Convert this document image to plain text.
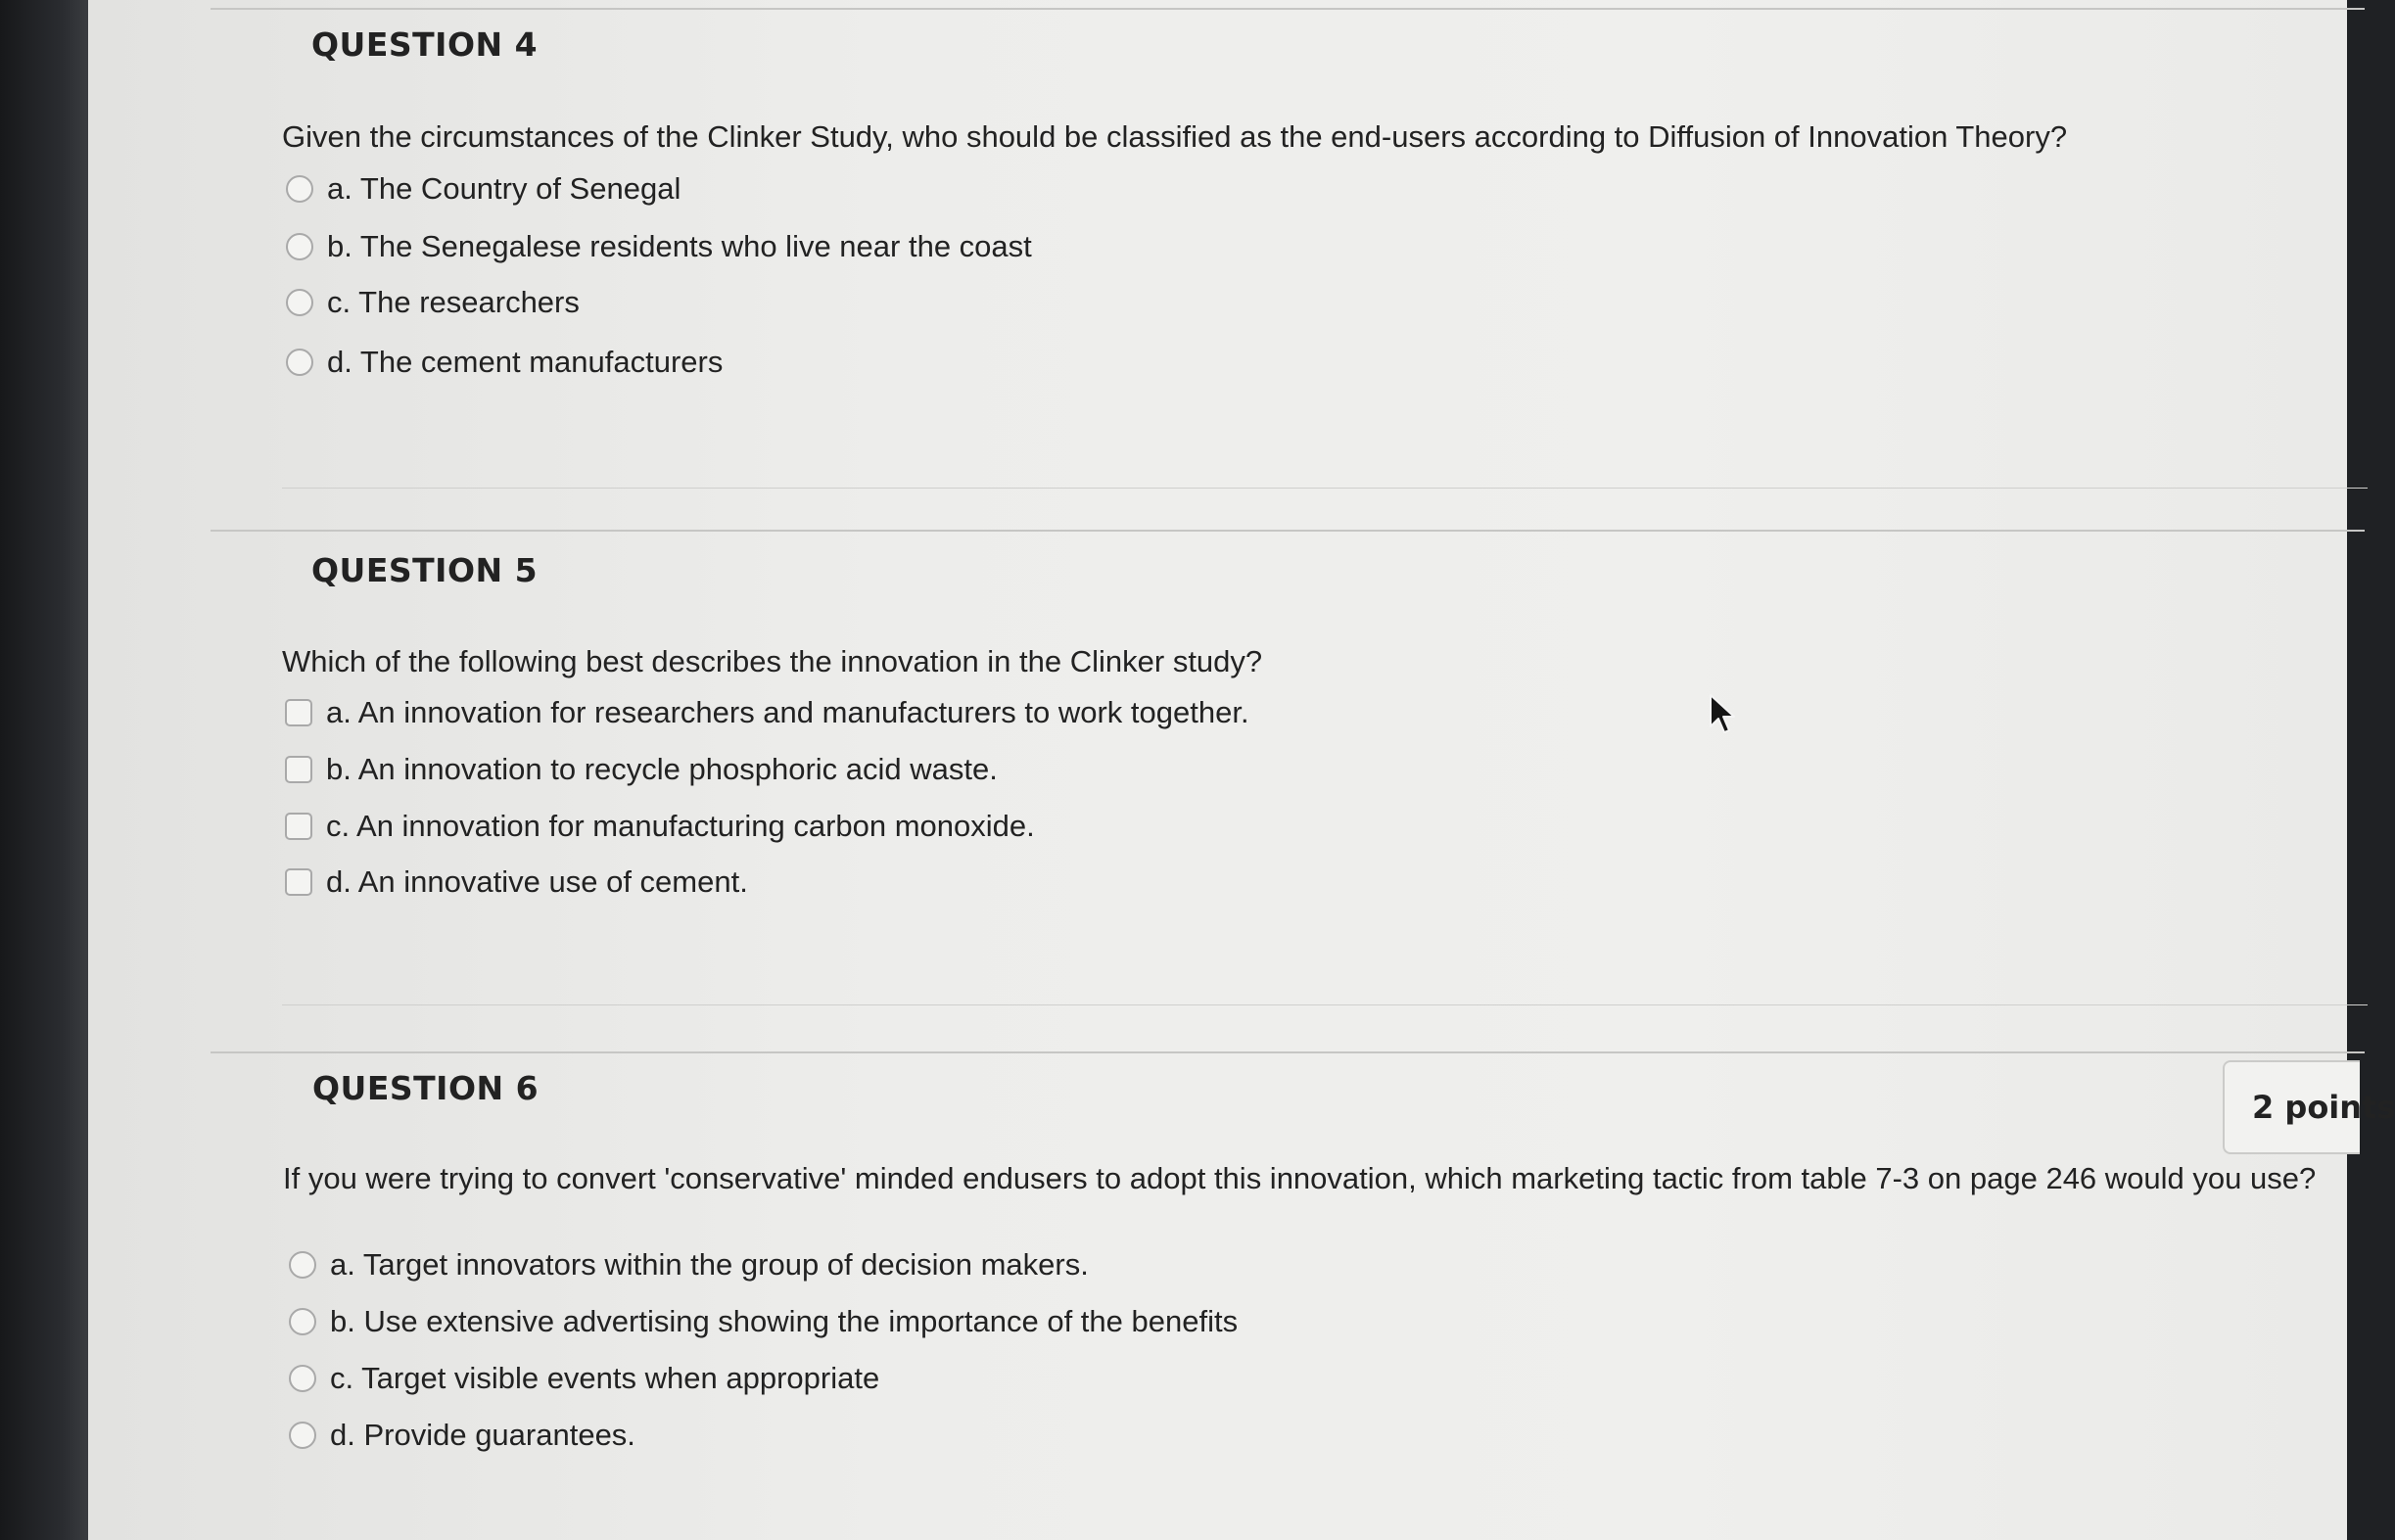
QUESTION 4
Given the circumstances of the Clinker Study, who should be classified as the end-users according to Diffusion of Innovation Theory?
a. The Country of Senegal
b. The Senegalese residents who live near the coast
c. The researchers
d. The cement manufacturers
QUESTION 5
Which of the following best describes the innovation in the Clinker study?
a. An innovation for researchers and manufacturers to work together.
b. An innovation to recycle phosphoric acid waste.
c. An innovation for manufacturing carbon monoxide.
d. An innovative use of cement.
QUESTION 6	2 points
If you were trying to convert 'conservative' minded endusers to adopt this innovation, which marketing tactic from table 7-3 on page 246 would you use?
a. Target innovators within the group of decision makers.
b. Use extensive advertising showing the importance of the benefits
c. Target visible events when appropriate
d. Provide guarantees.
